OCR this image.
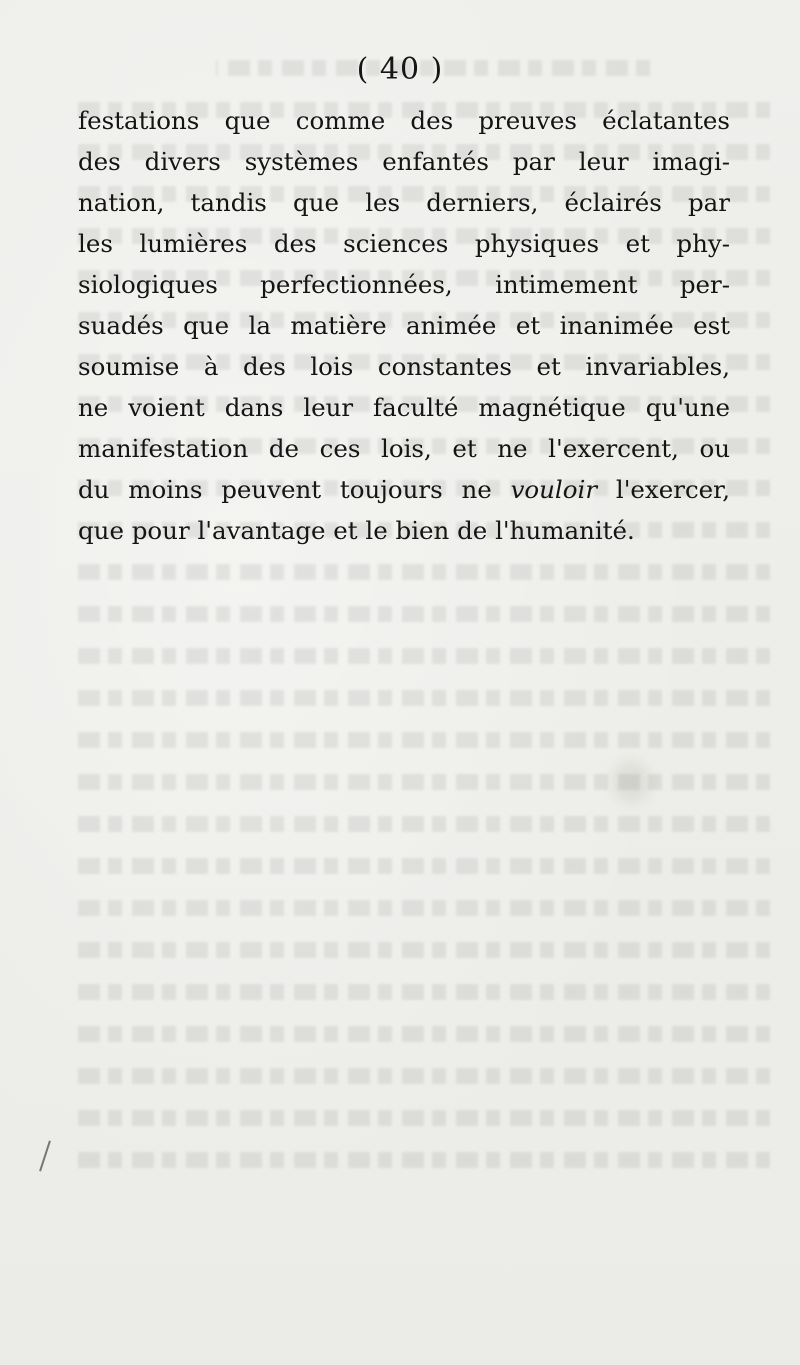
( 40 )
festations que comme des preuves éclatantes
des divers systèmes enfantés par leur imagi-
nation, tandis que les derniers, éclairés par
les lumières des sciences physiques et phy-
siologiques perfectionnées, intimement per-
suadés que la matière animée et inanimée est
soumise à des lois constantes et invariables,
ne voient dans leur faculté magnétique qu'une
manifestation de ces lois, et ne l'exercent, ou
du moins peuvent toujours ne vouloir l'exercer,
que pour l'avantage et le bien de l'humanité.
